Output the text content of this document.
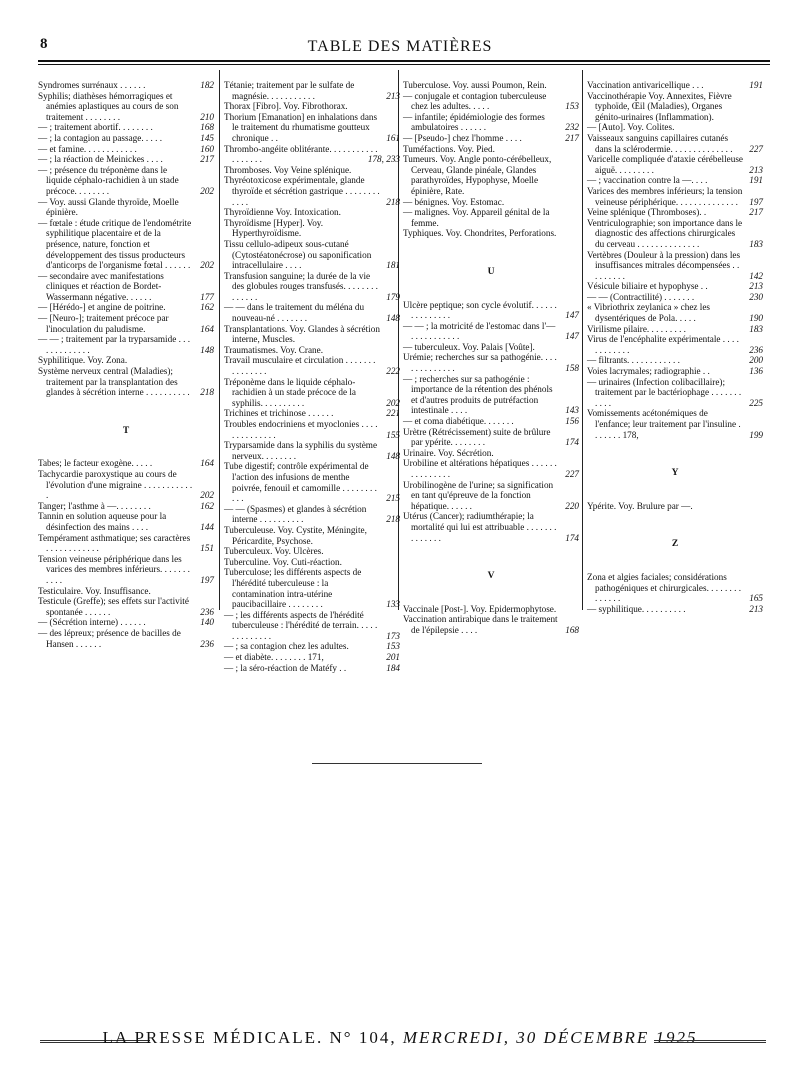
8	TABLE DES MATIÈRES

Syndromes surrénaux . . . . . .	182

Syphilis; diathèses hémorragiques et anémies aplastiques au cours de son traitement . . . . . . . .	210

— ; traitement abortif. . . . . . . .	168

— ; la contagion au passage. . . . .	145

— et famine. . . . . . . . . . . .	160

— ; la réaction de Meinickes . . . .	217

— ; présence du tréponème dans le liquide céphalo-rachidien à un stade précoce. . . . . . . .	202

— Voy. aussi Glande thyroïde, Moelle épinière.

— fœtale : étude critique de l'endométrite syphilitique placentaire et de la présence, nature, fonction et développement des tissus producteurs d'anticorps de l'organisme fœtal . . . . . . 202

— secondaire avec manifestations cliniques et réaction de Bordet-Wassermann négative. . . . . .	177

— [Hérédo-] et angine de poitrine.	162

— [Neuro-]; traitement précoce par l'inoculation du paludisme.	164

— — ; traitement par la tryparsamide . . . . . . . . . . . . .	148

Syphilitique. Voy. Zona.

Système nerveux central (Maladies); traitement par la transplantation des glandes à sécrétion interne . . . . . . . . . . 218

T

Tabes; le facteur exogène. . . . .	164

Tachycardie paroxystique au cours de l'évolution d'une migraine . . . . . . . . . . . .	202

Tanger; l'asthme à —. . . . . . . .	162

Tannin en solution aqueuse pour la désinfection des mains . . . .	144

Tempérament asthmatique; ses caractères . . . . . . . . . . . .	151

Tension veineuse périphérique dans les varices des membres inférieurs. . . . . . . . . . .	197

Testiculaire. Voy. Insuffisance.

Testicule (Greffe); ses effets sur l'activité spontanée . . . . . .	236

— (Sécrétion interne) . . . . . .	140

— des lépreux; présence de bacilles de Hansen . . . . . .	236

Tétanie; traitement par le sulfate de magnésie. . . . . . . . . . .	213

Thorax [Fibro]. Voy. Fibrothorax.

Thorium [Emanation] en inhalations dans le traitement du rhumatisme goutteux chronique . .	161

Thrombo-angéite oblitérante. . . . . . . . . . . . . . . . . .	178, 233

Thromboses. Voy Veine splénique.

Thyréotoxicose expérimentale, glande thyroïde et sécrétion gastrique . . . . . . . . . . . .	218

Thyroïdienne Voy. Intoxication.

Thyroïdisme [Hyper]. Voy. Hyperthyroïdisme.

Tissu cellulo-adipeux sous-cutané (Cytostéatonécrose) ou saponification intracellulaire . . . .	181

Transfusion sanguine; la durée de la vie des globules rouges transfusés. . . . . . . . . . . . . .	179

— — dans le traitement du méléna du nouveau-né . . . . . . .	148

Transplantations. Voy. Glandes à sécrétion interne, Muscles.

Traumatismes. Voy. Crane.

Travail musculaire et circulation . . . . . . . . . . . . . . .	222

Tréponème dans le liquide céphalo-rachidien à un stade précoce de la syphilis. . . . . . . . . .	202

Trichines et trichinose . . . . . .	221

Troubles endocriniens et myoclonies . . . . . . . . . . . . . .	155

Tryparsamide dans la syphilis du système nerveux. . . . . . . .	148

Tube digestif; contrôle expérimental de l'action des infusions de menthe poivrée, fenouil et camomille . . . . . . . . . . .	215

— — (Spasmes) et glandes à sécrétion interne . . . . . . . . . .	218

Tuberculeuse. Voy. Cystite, Méningite, Péricardite, Psychose.

Tuberculeux. Voy. Ulcères.

Tuberculine. Voy. Cuti-réaction.

Tuberculose; les différents aspects de l'hérédité tuberculeuse : la contamination intra-utérine paucibacillaire . . . . . . . .	133

— ; les différents aspects de l'hérédité tuberculeuse : l'hérédité de terrain. . . . . . . . . . . . . .	173

— ; sa contagion chez les adultes.	153

— et diabète. . . . . . . . 171,	201

— ; la séro-réaction de Matéfy . .	184

Tuberculose. Voy. aussi Poumon, Rein.

— conjugale et contagion tuberculeuse chez les adultes. . . . .	153

— infantile; épidémiologie des formes ambulatoires . . . . . .	232

— [Pseudo-] chez l'homme . . . .	217

Tuméfactions. Voy. Pied.

Tumeurs. Voy. Angle ponto-cérébelleux, Cerveau, Glande pinéale, Glandes parathyroïdes, Hypophyse, Moelle épinière, Rate.

— bénignes. Voy. Estomac.

— malignes. Voy. Appareil génital de la femme.

Typhiques. Voy. Chondrites, Perforations.

U

Ulcère peptique; son cycle évolutif. . . . . . . . . . . . . . .	147

— — ; la motricité de l'estomac dans l'— . . . . . . . . . . .	147

— tuberculeux. Voy. Palais [Voûte].

Urémie; recherches sur sa pathogénie. . . . . . . . . . . . . .	158

— ; recherches sur sa pathogénie : importance de la rétention des phénols et d'autres produits de putréfaction intestinale . . . .	143

— et coma diabétique. . . . . . .	156

Urètre (Rétrécissement) suite de brûlure par ypérite. . . . . . . .	174

Urinaire. Voy. Sécrétion.

Urobiline et altérations hépatiques . . . . . . . . . . . . . . .	227

Urobilinogène de l'urine; sa signification en tant qu'épreuve de la fonction hépatique. . . . . .	220

Utérus (Cancer); radiumthérapie; la mortalité qui lui est attribuable . . . . . . . . . . . . . .	174

V

Vaccinale [Post-]. Voy. Epidermophytose.

Vaccination antirabique dans le traitement de l'épilepsie . . . .	168

Vaccination antivaricellique . . .	191

Vaccinothérapie Voy. Annexites, Fièvre typhoïde, Œil (Maladies), Organes génito-urinaires (Inflammation).

— [Auto]. Voy. Colites.

Vaisseaux sanguins capillaires cutanés dans la sclérodermie. . . . . . . . . . . . . . 227

Varicelle compliquée d'ataxie cérébelleuse aiguë. . . . . . . . .	213

— ; vaccination contre la —. . . .	191

Varices des membres inférieurs; la tension veineuse périphérique. . . . . . . . . . . . . . 197

Veine splénique (Thromboses). .	217

Ventriculographie; son importance dans le diagnostic des affections chirurgicales du cerveau . . . . . . . . . . . . . .	183

Vertèbres (Douleur à la pression) dans les insuffisances mitrales décompensées . . . . . . . . .	142

Vésicule biliaire et hypophyse . .	213

— — (Contractilité) . . . . . . .	230

« Vibriothrix zeylanica » chez les dysentériques de Pola. . . . .	190

Virilisme pilaire. . . . . . . . .	183

Virus de l'encéphalite expérimentale . . . . . . . . . . . .	236

— filtrants. . . . . . . . . . . .	200

Voies lacrymales; radiographie . .	136

— urinaires (Infection colibacillaire); traitement par le bactériophage . . . . . . . . . . .	225

Vomissements acétonémiques de l'enfance; leur traitement par l'insuline . . . . . . . 178,	199

Y

Ypérite. Voy. Brulure par —.

Z

Zona et algies faciales; considérations pathogéniques et chirurgicales. . . . . . . . . . . . . .	165

— syphilitique. . . . . . . . . .	213

LA PRESSE MÉDICALE. N° 104, MERCREDI, 30 DÉCEMBRE 1925
